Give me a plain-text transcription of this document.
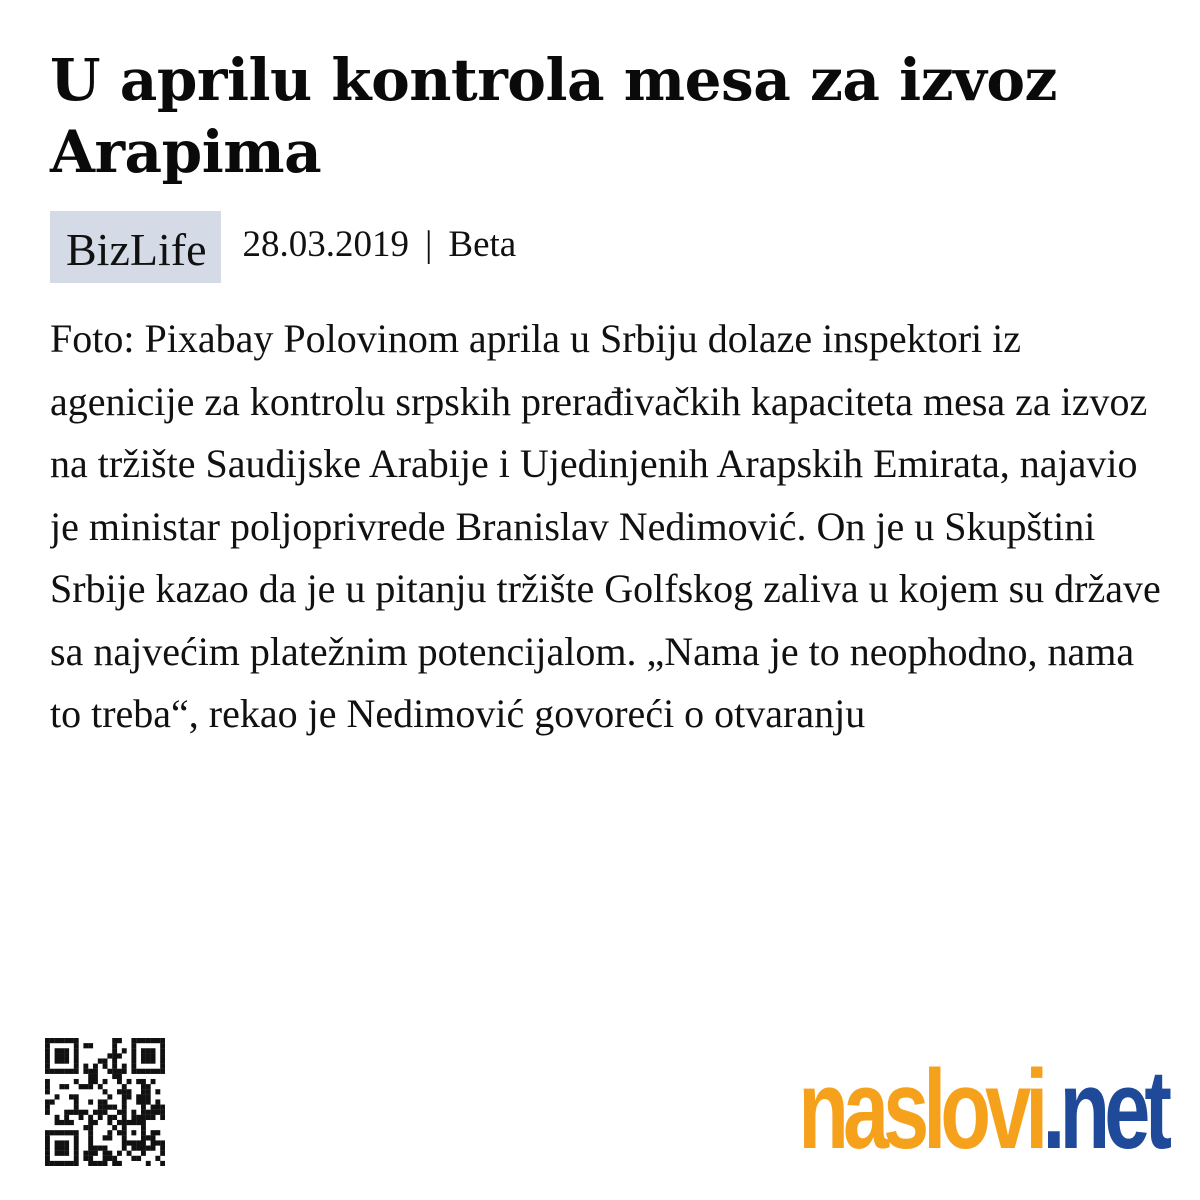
U aprilu kontrola mesa za izvoz Arapima
BizLife 28.03.2019 | Beta

Foto: Pixabay Polovinom aprila u Srbiju dolaze inspektori iz agenicije za kontrolu srpskih prerađivačkih kapaciteta mesa za izvoz na tržište Saudijske Arabije i Ujedinjenih Arapskih Emirata, najavio je ministar poljoprivrede Branislav Nedimović. On je u Skupštini Srbije kazao da je u pitanju tržište Golfskog zaliva u kojem su države sa najvećim platežnim potencijalom. „Nama je to neophodno, nama to treba“, rekao je Nedimović govoreći o otvaranju

naslovi .net
